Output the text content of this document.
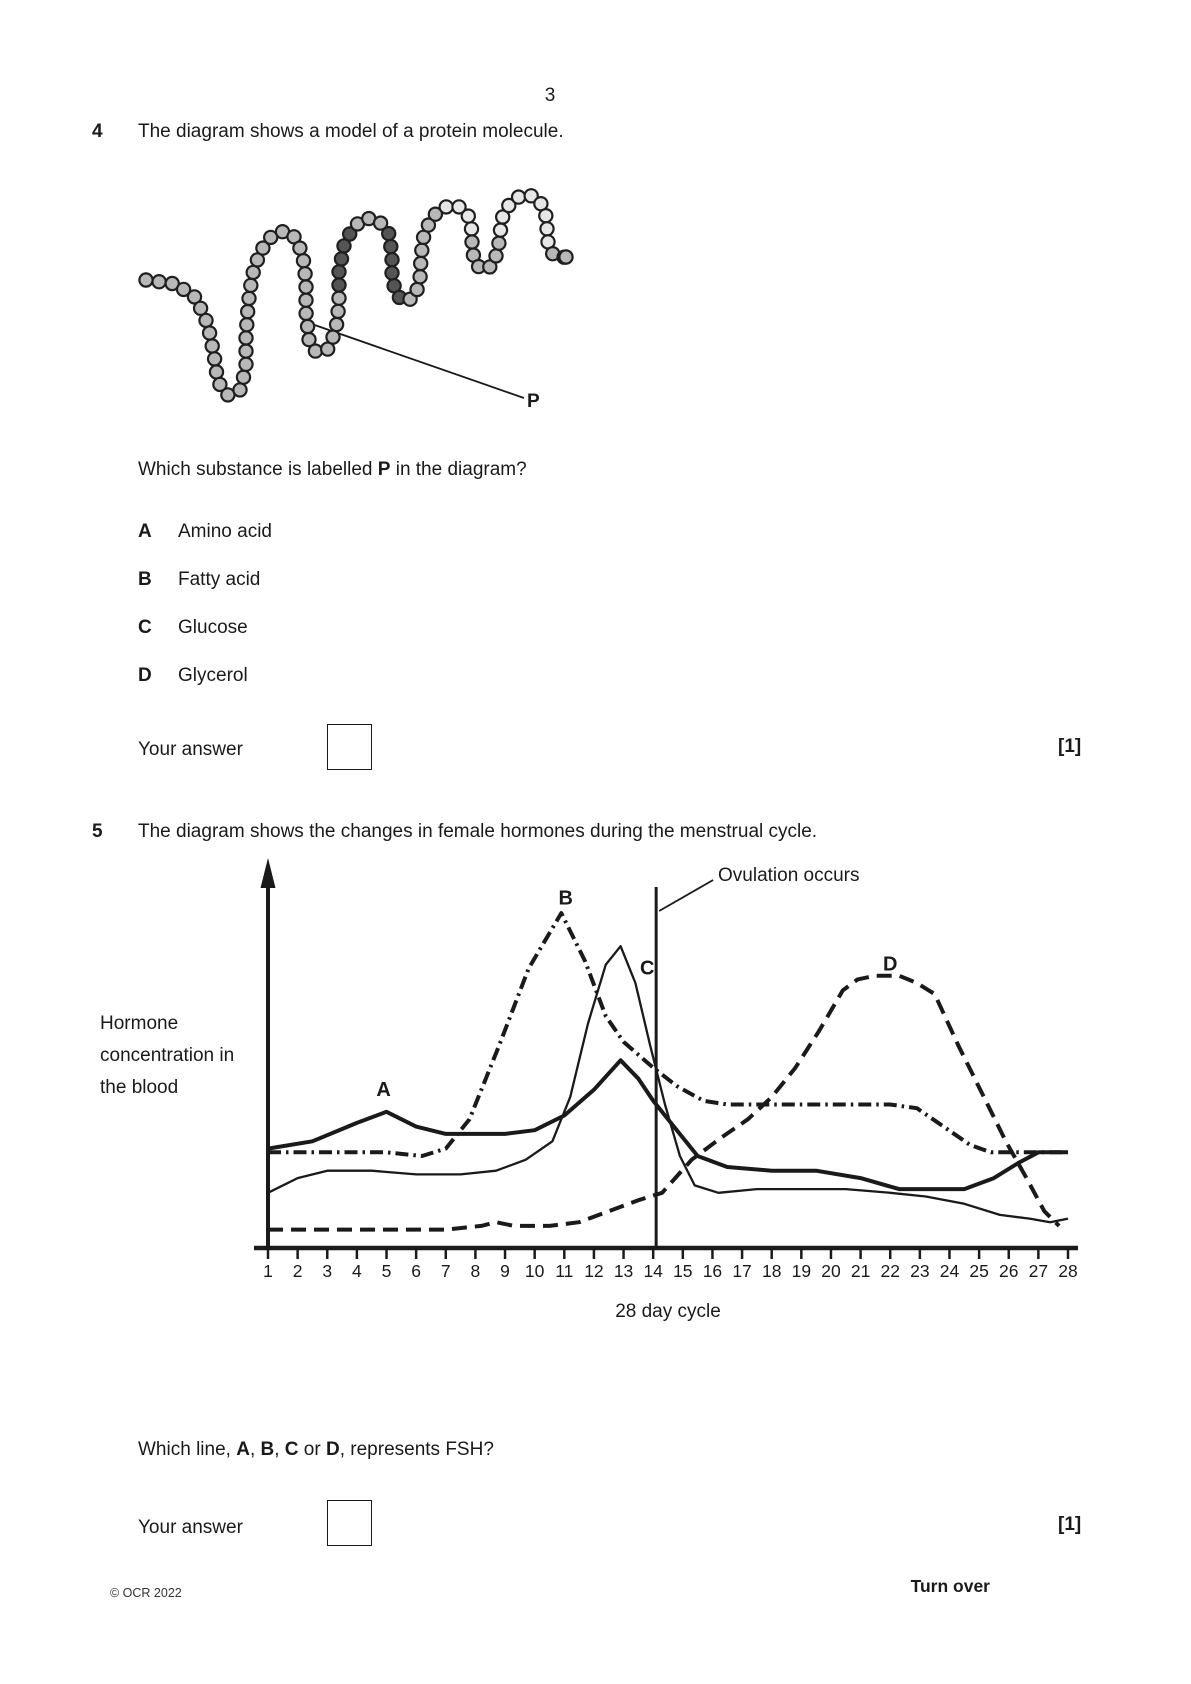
1 2 3 4 5 6 7 8 9 10 11 12 13 14 15 16 17 18 19 20 21 22 23 24 25 26 27 28
A
B
C	D
3
4 The diagram shows a model of a protein molecule.
P
Which substance is labelled P in the diagram?
A Amino acid
B Fatty acid
C Glucose
D Glycerol
Your answer	[1]
5 The diagram shows the changes in female hormones during the menstrual cycle.
Hormone concentration in the blood
Ovulation occurs
28 day cycle
Which line, A, B, C or D, represents FSH?
Your answer	[1]
© OCR 2022	Turn over
